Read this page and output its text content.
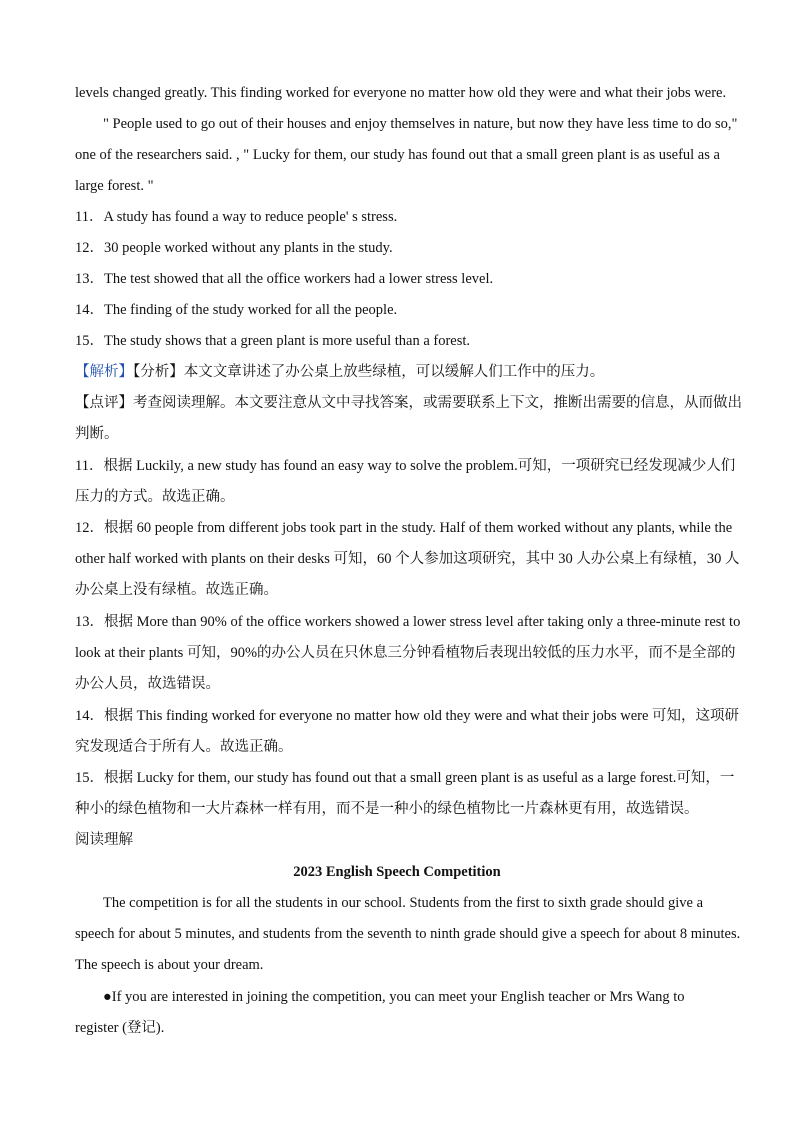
levels changed greatly. This finding worked for everyone no matter how old they were and what their jobs were.
" People used to go out of their houses and enjoy themselves in nature, but now they have less time to do so,"
one of the researchers said. , " Lucky for them, our study has found out that a small green plant is as useful as a
large forest. "
11．A study has found a way to reduce people' s stress.
12．30 people worked without any plants in the study.
13．The test showed that all the office workers had a lower stress level.
14．The finding of the study worked for all the people.
15．The study shows that a green plant is more useful than a forest.
【解析】【分析】本文文章讲述了办公桌上放些绿植，可以缓解人们工作中的压力。
【点评】考查阅读理解。本文要注意从文中寻找答案，或需要联系上下文，推断出需要的信息，从而做出
判断。
11．根据 Luckily, a new study has found an easy way to solve the problem.可知，一项研究已经发现减少人们
压力的方式。故选正确。
12．根据 60 people from different jobs took part in the study. Half of them worked without any plants, while the
other half worked with plants on their desks 可知，60 个人参加这项研究，其中 30 人办公桌上有绿植，30 人
办公桌上没有绿植。故选正确。
13．根据 More than 90% of the office workers showed a lower stress level after taking only a three-minute rest to
look at their plants 可知，90%的办公人员在只休息三分钟看植物后表现出较低的压力水平，而不是全部的
办公人员，故选错误。
14．根据 This finding worked for everyone no matter how old they were and what their jobs were 可知，这项研
究发现适合于所有人。故选正确。
15．根据 Lucky for them, our study has found out that a small green plant is as useful as a large forest.可知，一
种小的绿色植物和一大片森林一样有用，而不是一种小的绿色植物比一片森林更有用，故选错误。
阅读理解
2023 English Speech Competition
The competition is for all the students in our school. Students from the first to sixth grade should give a
speech for about 5 minutes, and students from the seventh to ninth grade should give a speech for about 8 minutes.
The speech is about your dream.
●If you are interested in joining the competition, you can meet your English teacher or Mrs Wang to
register (登记).
